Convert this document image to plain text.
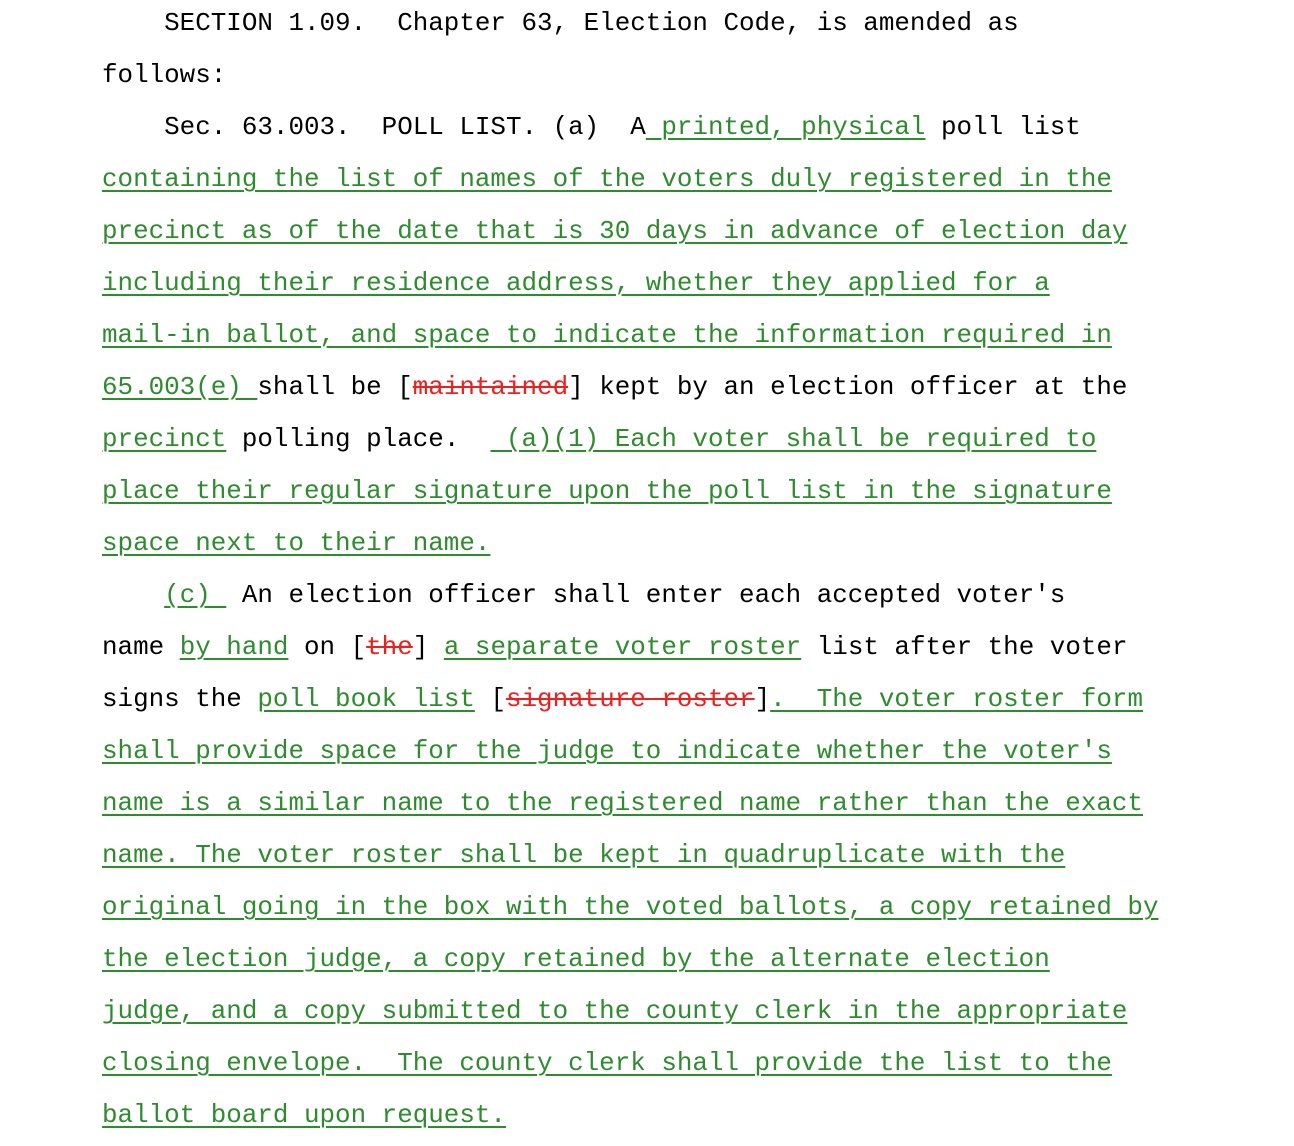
SECTION 1.09.  Chapter 63, Election Code, is amended as
follows:
Sec. 63.003.  POLL LIST. (a)  A printed, physical poll list
containing the list of names of the voters duly registered in the
precinct as of the date that is 30 days in advance of election day
including their residence address, whether they applied for a
mail-in ballot, and space to indicate the information required in
65.003(e) shall be [maintained] kept by an election officer at the
precinct polling place.   (a)(1) Each voter shall be required to
place their regular signature upon the poll list in the signature
space next to their name.
(c)  An election officer shall enter each accepted voter's
name by hand on [the] a separate voter roster list after the voter
signs the poll book list [signature roster].  The voter roster form
shall provide space for the judge to indicate whether the voter's
name is a similar name to the registered name rather than the exact
name. The voter roster shall be kept in quadruplicate with the
original going in the box with the voted ballots, a copy retained by
the election judge, a copy retained by the alternate election
judge, and a copy submitted to the county clerk in the appropriate
closing envelope.  The county clerk shall provide the list to the
ballot board upon request.
